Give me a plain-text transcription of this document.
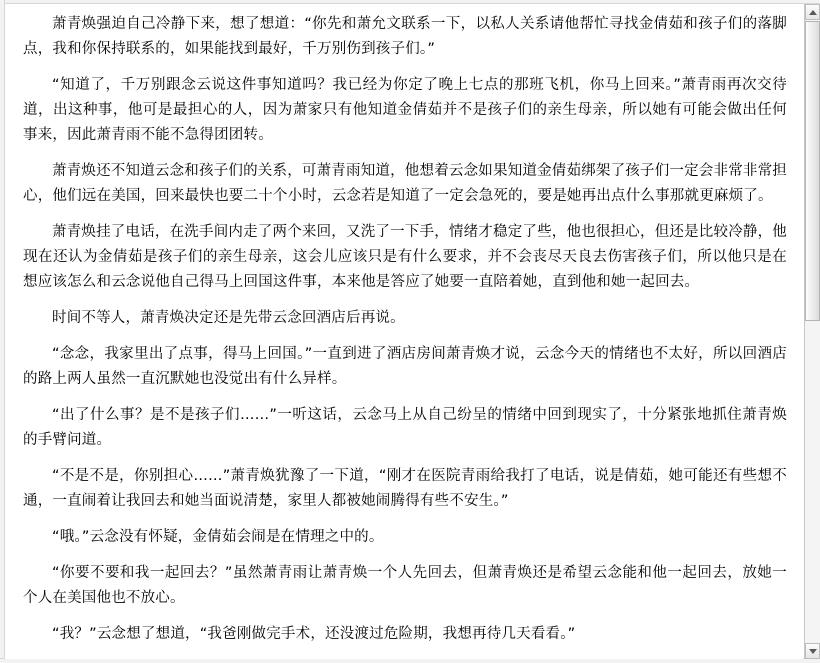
萧青焕强迫自己冷静下来，想了想道：“你先和萧允文联系一下，以私人关系请他帮忙寻找金倩茹和孩子们的落脚点，我和你保持联系的，如果能找到最好，千万别伤到孩子们。”

“知道了，千万别跟念云说这件事知道吗？我已经为你定了晚上七点的那班飞机，你马上回来。”萧青雨再次交待道，出这种事，他可是最担心的人，因为萧家只有他知道金倩茹并不是孩子们的亲生母亲，所以她有可能会做出任何事来，因此萧青雨不能不急得团团转。

萧青焕还不知道云念和孩子们的关系，可萧青雨知道，他想着云念如果知道金倩茹绑架了孩子们一定会非常非常担心，他们远在美国，回来最快也要二十个小时，云念若是知道了一定会急死的，要是她再出点什么事那就更麻烦了。

萧青焕挂了电话，在洗手间内走了两个来回，又洗了一下手，情绪才稳定了些，他也很担心，但还是比较冷静，他现在还认为金倩茹是孩子们的亲生母亲，这会儿应该只是有什么要求，并不会丧尽天良去伤害孩子们，所以他只是在想应该怎么和云念说他自己得马上回国这件事，本来他是答应了她要一直陪着她，直到他和她一起回去。

时间不等人，萧青焕决定还是先带云念回酒店后再说。

“念念，我家里出了点事，得马上回国。”一直到进了酒店房间萧青焕才说，云念今天的情绪也不太好，所以回酒店的路上两人虽然一直沉默她也没觉出有什么异样。

“出了什么事？是不是孩子们……”一听这话，云念马上从自己纷呈的情绪中回到现实了，十分紧张地抓住萧青焕的手臂问道。

“不是不是，你别担心……”萧青焕犹豫了一下道，“刚才在医院青雨给我打了电话，说是倩茹，她可能还有些想不通，一直闹着让我回去和她当面说清楚，家里人都被她闹腾得有些不安生。”

“哦。”云念没有怀疑，金倩茹会闹是在情理之中的。

“你要不要和我一起回去？”虽然萧青雨让萧青焕一个人先回去，但萧青焕还是希望云念能和他一起回去，放她一个人在美国他也不放心。

“我？”云念想了想道，“我爸刚做完手术，还没渡过危险期，我想再待几天看看。”
